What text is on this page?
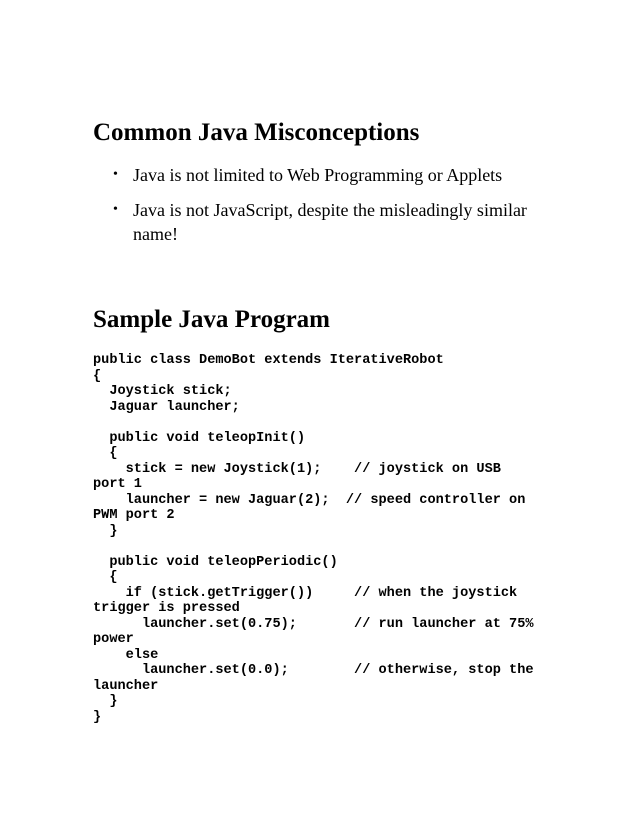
Common Java Misconceptions
• Java is not limited to Web Programming or Applets
• Java is not JavaScript, despite the misleadingly similar name!
Sample Java Program
public class DemoBot extends IterativeRobot
{
Joystick stick;
Jaguar launcher;

public void teleopInit()
{
stick = new Joystick(1);    // joystick on USB
port 1
launcher = new Jaguar(2);  // speed controller on
PWM port 2
}

public void teleopPeriodic()
{
if (stick.getTrigger())     // when the joystick
trigger is pressed
launcher.set(0.75);       // run launcher at 75%
power
else
launcher.set(0.0);        // otherwise, stop the
launcher
}
}
